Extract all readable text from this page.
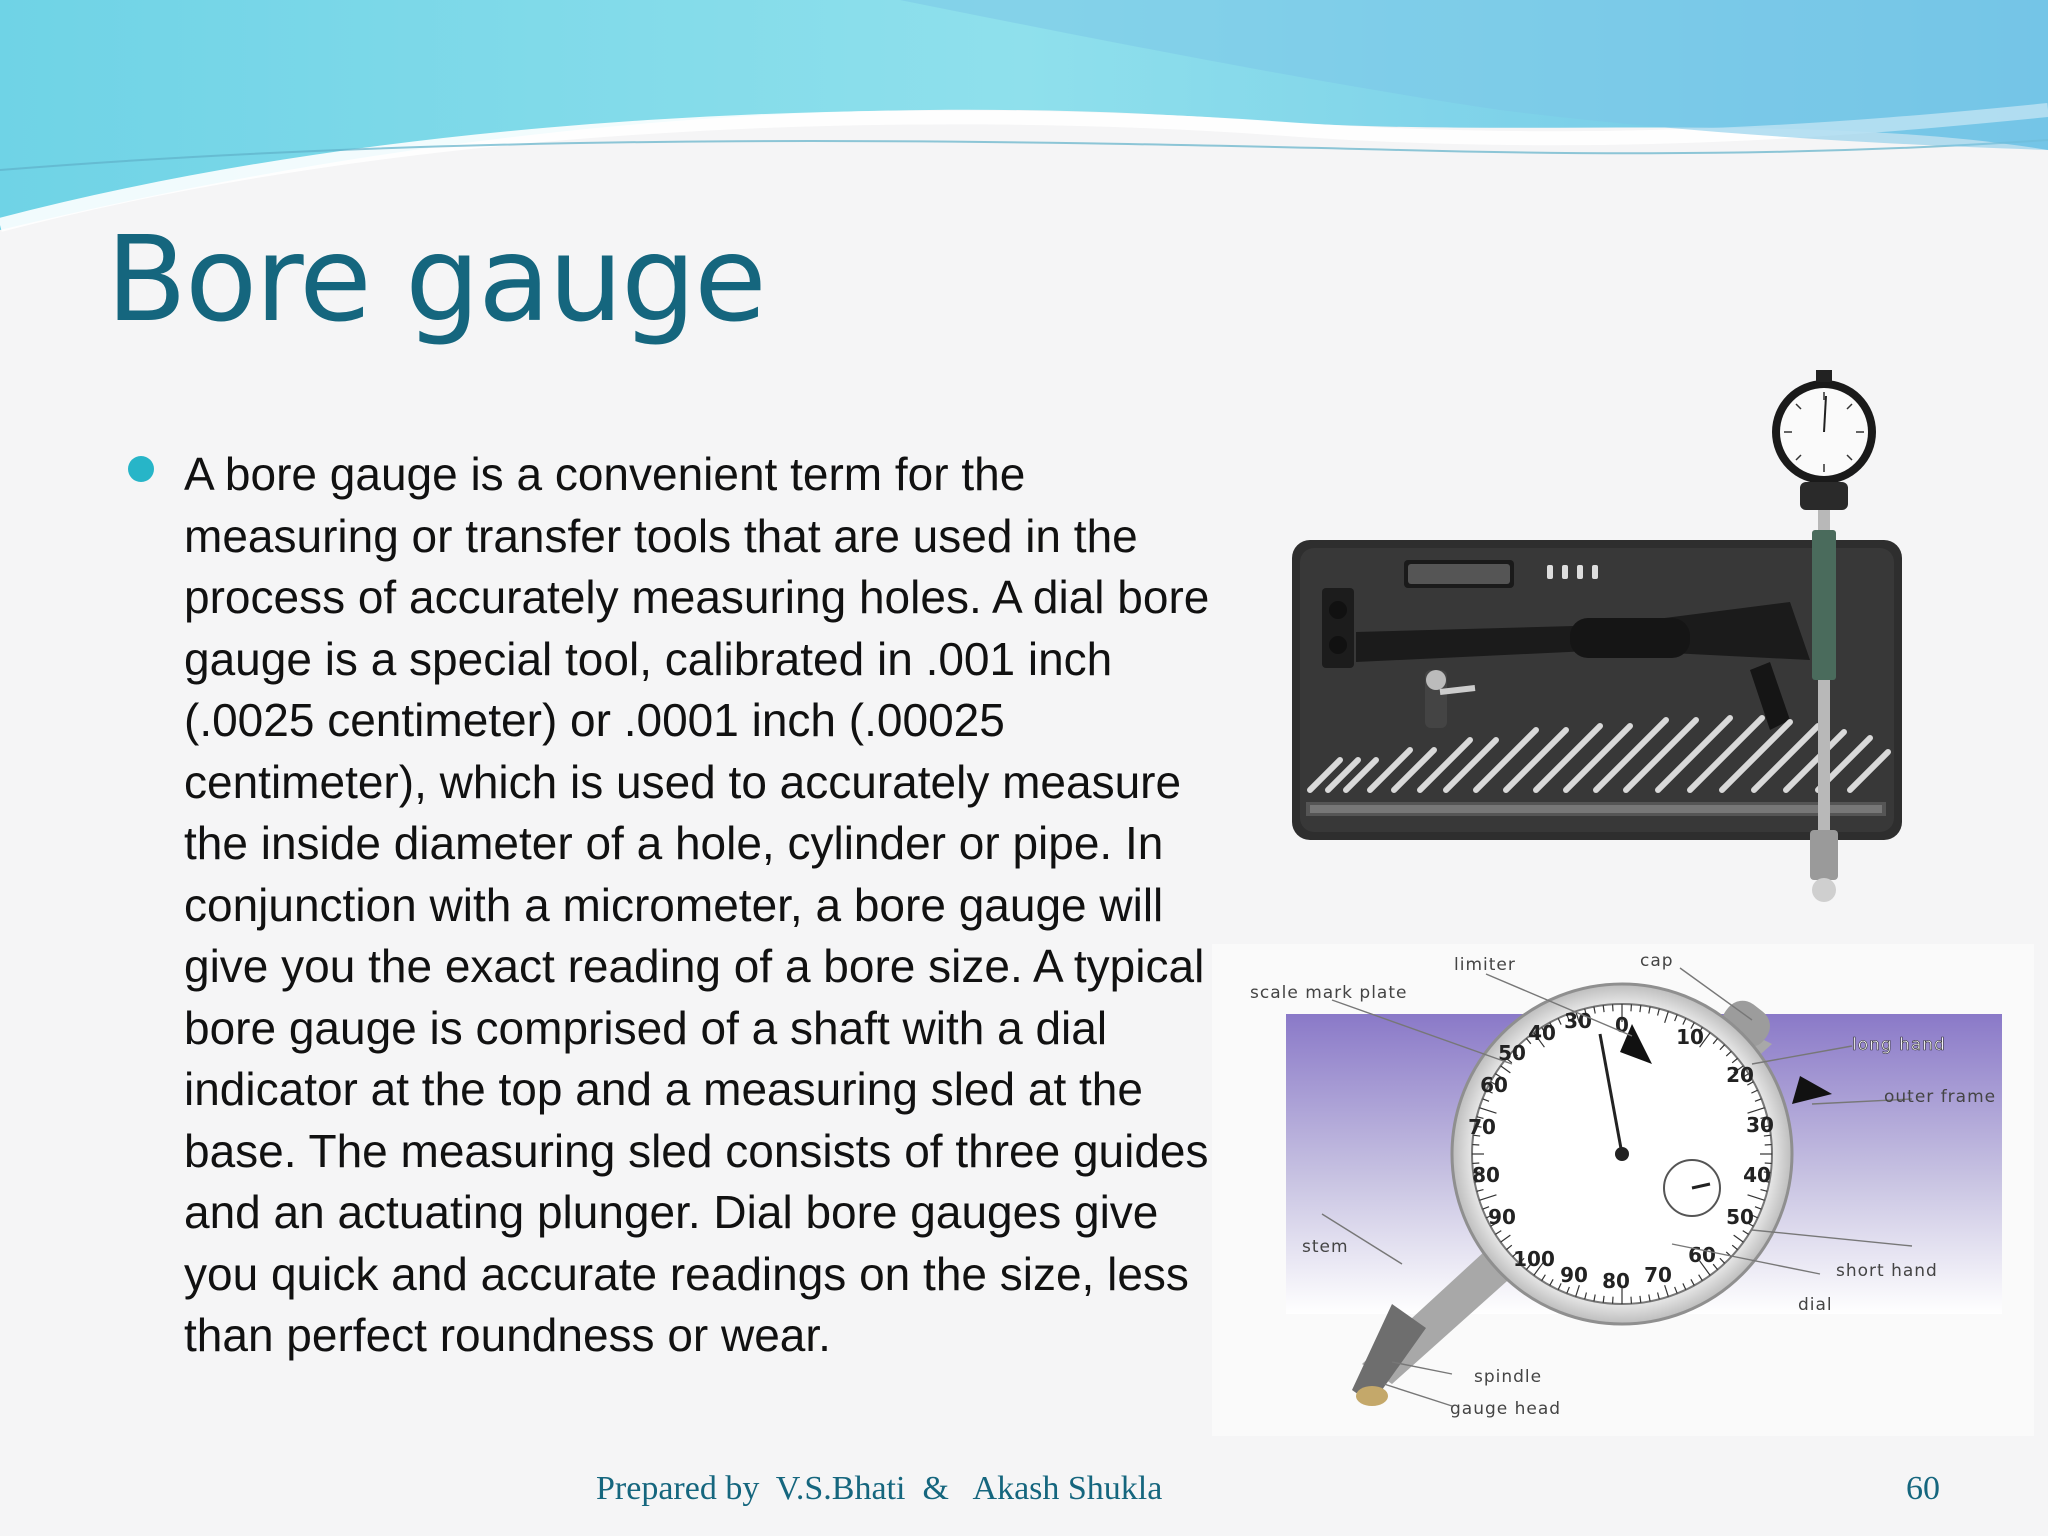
Bore gauge

A bore gauge is a convenient term for the measuring or transfer tools that are used in the process of accurately measuring holes. A dial bore gauge is a special tool, calibrated in .001 inch (.0025 centimeter) or .0001 inch (.00025 centimeter), which is used to accurately measure the inside diameter of a hole, cylinder or pipe. In conjunction with a micrometer, a bore gauge will give you the exact reading of a bore size. A typical bore gauge is comprised of a shaft with a dial indicator at the top and a measuring sled at the base. The measuring sled consists of three guides and an actuating plunger. Dial bore gauges give you quick and accurate readings on the size, less than perfect roundness or wear.

0 10
20
30
40
50
60
70
80
90
100
90
80
70
60
50
40 30
limiter	cap
scale mark plate
long hand
outer frame
stem
short hand
dial
spindle
gauge head
Prepared by  V.S.Bhati  &   Akash Shukla	60
